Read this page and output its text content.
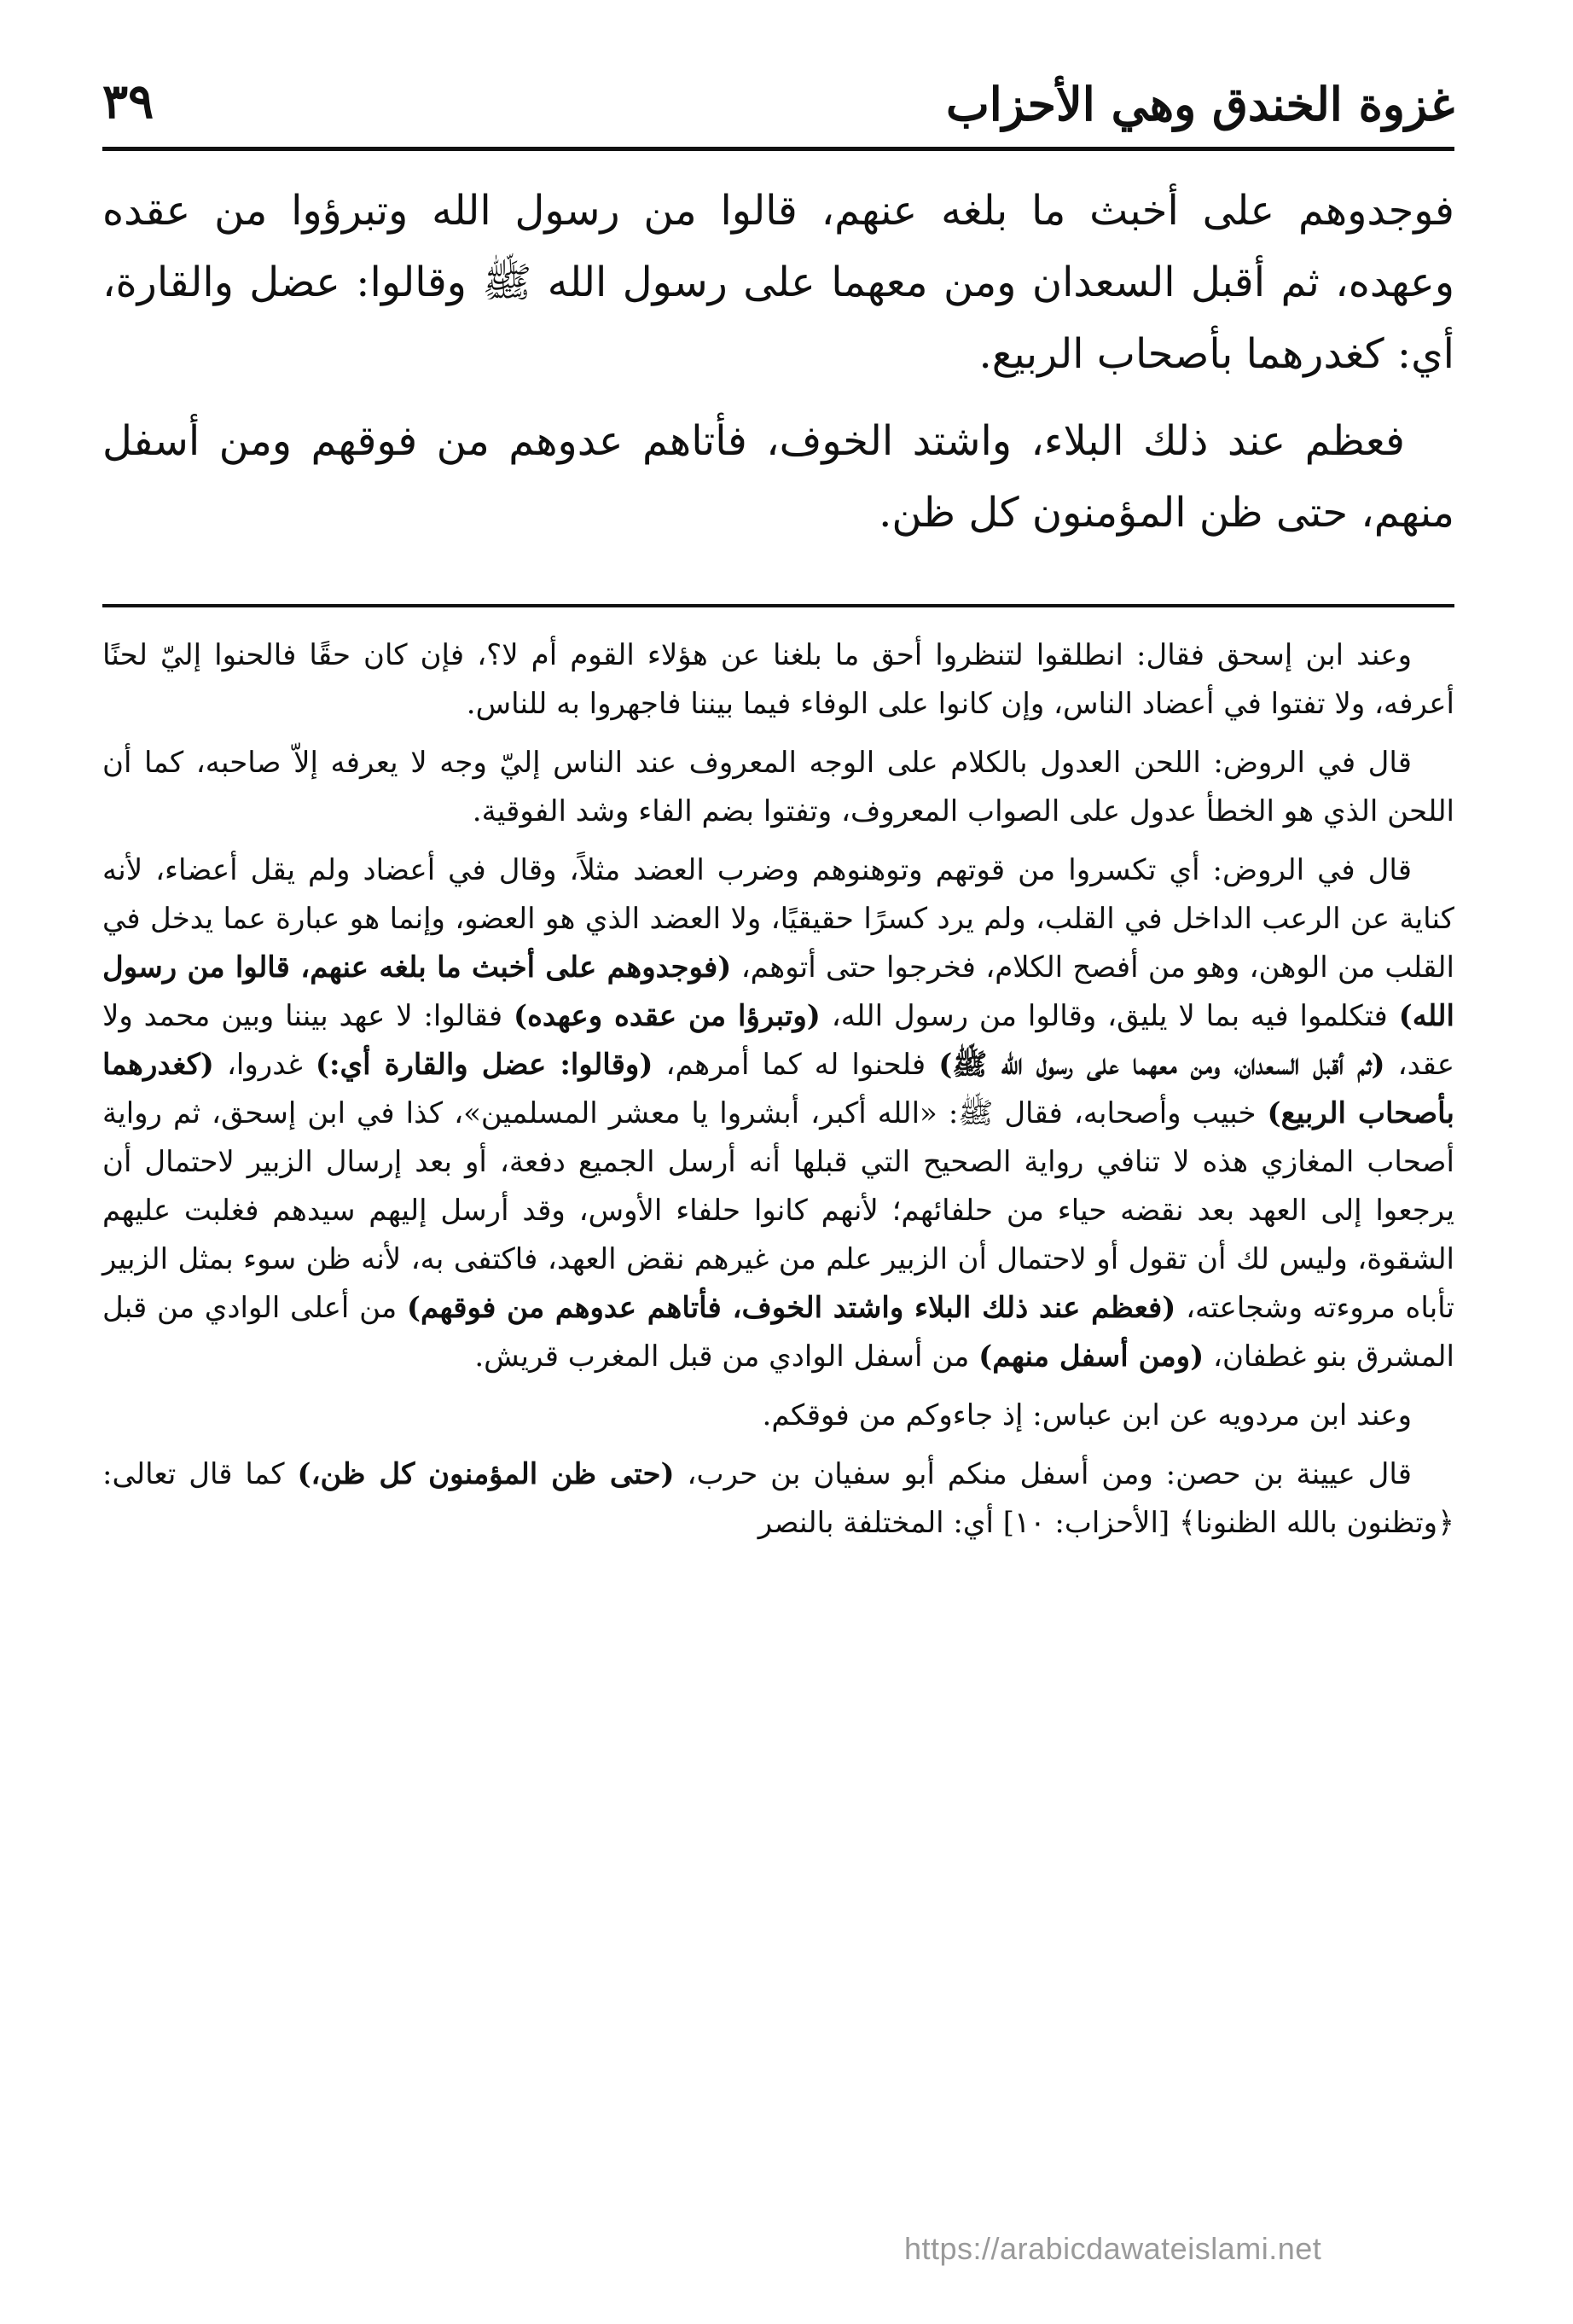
غزوة الخندق وهي الأحزاب
٣٩

فوجدوهم على أخبث ما بلغه عنهم، قالوا من رسول الله وتبرؤوا من عقده وعهده، ثم أقبل السعدان ومن معهما على رسول الله ﷺ وقالوا: عضل والقارة، أي: كغدرهما بأصحاب الربيع.

فعظم عند ذلك البلاء، واشتد الخوف، فأتاهم عدوهم من فوقهم ومن أسفل منهم، حتى ظن المؤمنون كل ظن.

وعند ابن إسحق فقال: انطلقوا لتنظروا أحق ما بلغنا عن هؤلاء القوم أم لا؟، فإن كان حقًا فالحنوا إليّ لحنًا أعرفه، ولا تفتوا في أعضاد الناس، وإن كانوا على الوفاء فيما بيننا فاجهروا به للناس.

قال في الروض: اللحن العدول بالكلام على الوجه المعروف عند الناس إليّ وجه لا يعرفه إلاّ صاحبه، كما أن اللحن الذي هو الخطأ عدول على الصواب المعروف، وتفتوا بضم الفاء وشد الفوقية.

قال في الروض: أي تكسروا من قوتهم وتوهنوهم وضرب العضد مثلاً، وقال في أعضاد ولم يقل أعضاء، لأنه كناية عن الرعب الداخل في القلب، ولم يرد كسرًا حقيقيًا، ولا العضد الذي هو العضو، وإنما هو عبارة عما يدخل في القلب من الوهن، وهو من أفصح الكلام، فخرجوا حتى أتوهم، (فوجدوهم على أخبث ما بلغه عنهم، قالوا من رسول الله) فتكلموا فيه بما لا يليق، وقالوا من رسول الله، (وتبرؤا من عقده وعهده) فقالوا: لا عهد بيننا وبين محمد ولا عقد، (ثم أقبل السعدان، ومن معهما على رسول الله ﷺ) فلحنوا له كما أمرهم، (وقالوا: عضل والقارة أي:) غدروا، (كغدرهما بأصحاب الربيع) خبيب وأصحابه، فقال ﷺ: «الله أكبر، أبشروا يا معشر المسلمين»، كذا في ابن إسحق، ثم رواية أصحاب المغازي هذه لا تنافي رواية الصحيح التي قبلها أنه أرسل الجميع دفعة، أو بعد إرسال الزبير لاحتمال أن يرجعوا إلى العهد بعد نقضه حياء من حلفائهم؛ لأنهم كانوا حلفاء الأوس، وقد أرسل إليهم سيدهم فغلبت عليهم الشقوة، وليس لك أن تقول أو لاحتمال أن الزبير علم من غيرهم نقض العهد، فاكتفى به، لأنه ظن سوء بمثل الزبير تأباه مروءته وشجاعته، (فعظم عند ذلك البلاء واشتد الخوف، فأتاهم عدوهم من فوقهم) من أعلى الوادي من قبل المشرق بنو غطفان، (ومن أسفل منهم) من أسفل الوادي من قبل المغرب قريش.

وعند ابن مردويه عن ابن عباس: إذ جاءوكم من فوقكم.

قال عيينة بن حصن: ومن أسفل منكم أبو سفيان بن حرب، (حتى ظن المؤمنون كل ظن،) كما قال تعالى: ﴿وتظنون بالله الظنونا﴾ [الأحزاب: ١٠] أي: المختلفة بالنصر

https://arabicdawateislami.net
